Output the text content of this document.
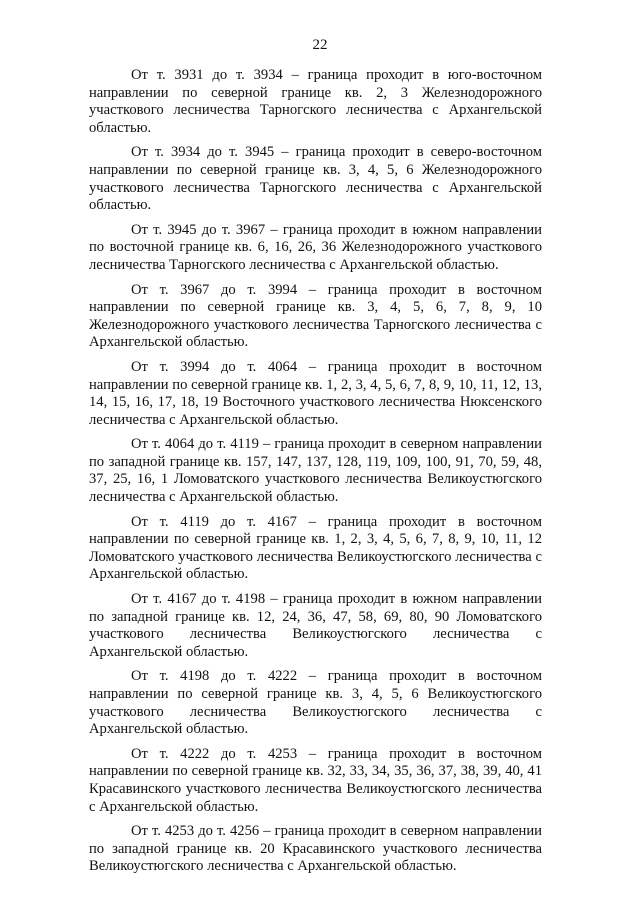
22

От т. 3931 до т. 3934 – граница проходит в юго-восточном направлении по северной границе кв. 2, 3 Железнодорожного участкового лесничества Тарногского лесничества с Архангельской областью.

От т. 3934 до т. 3945 – граница проходит в северо-восточном направлении по северной границе кв. 3, 4, 5, 6 Железнодорожного участкового лесничества Тарногского лесничества с Архангельской областью.

От т. 3945 до т. 3967 – граница проходит в южном направлении по восточной границе кв. 6, 16, 26, 36 Железнодорожного участкового лесничества Тарногского лесничества с Архангельской областью.

От т. 3967 до т. 3994 – граница проходит в восточном направлении по северной границе кв. 3, 4, 5, 6, 7, 8, 9, 10 Железнодорожного участкового лесничества Тарногского лесничества с Архангельской областью.

От т. 3994 до т. 4064 – граница проходит в восточном направлении по северной границе кв. 1, 2, 3, 4, 5, 6, 7, 8, 9, 10, 11, 12, 13, 14, 15, 16, 17, 18, 19 Восточного участкового лесничества Нюксенского лесничества с Архангельской областью.

От т. 4064 до т. 4119 – граница проходит в северном направлении по западной границе кв. 157, 147, 137, 128, 119, 109, 100, 91, 70, 59, 48, 37, 25, 16, 1 Ломоватского участкового лесничества Великоустюгского лесничества с Архангельской областью.

От т. 4119 до т. 4167 – граница проходит в восточном направлении по северной границе кв. 1, 2, 3, 4, 5, 6, 7, 8, 9, 10, 11, 12 Ломоватского участкового лесничества Великоустюгского лесничества с Архангельской областью.

От т. 4167 до т. 4198 – граница проходит в южном направлении по западной границе кв. 12, 24, 36, 47, 58, 69, 80, 90 Ломоватского участкового лесничества Великоустюгского лесничества с Архангельской областью.

От т. 4198 до т. 4222 – граница проходит в восточном направлении по северной границе кв. 3, 4, 5, 6 Великоустюгского участкового лесничества Великоустюгского лесничества с Архангельской областью.

От т. 4222 до т. 4253 – граница проходит в восточном направлении по северной границе кв. 32, 33, 34, 35, 36, 37, 38, 39, 40, 41 Красавинского участкового лесничества Великоустюгского лесничества с Архангельской областью.

От т. 4253 до т. 4256 – граница проходит в северном направлении по западной границе кв. 20 Красавинского участкового лесничества Великоустюгского лесничества с Архангельской областью.
